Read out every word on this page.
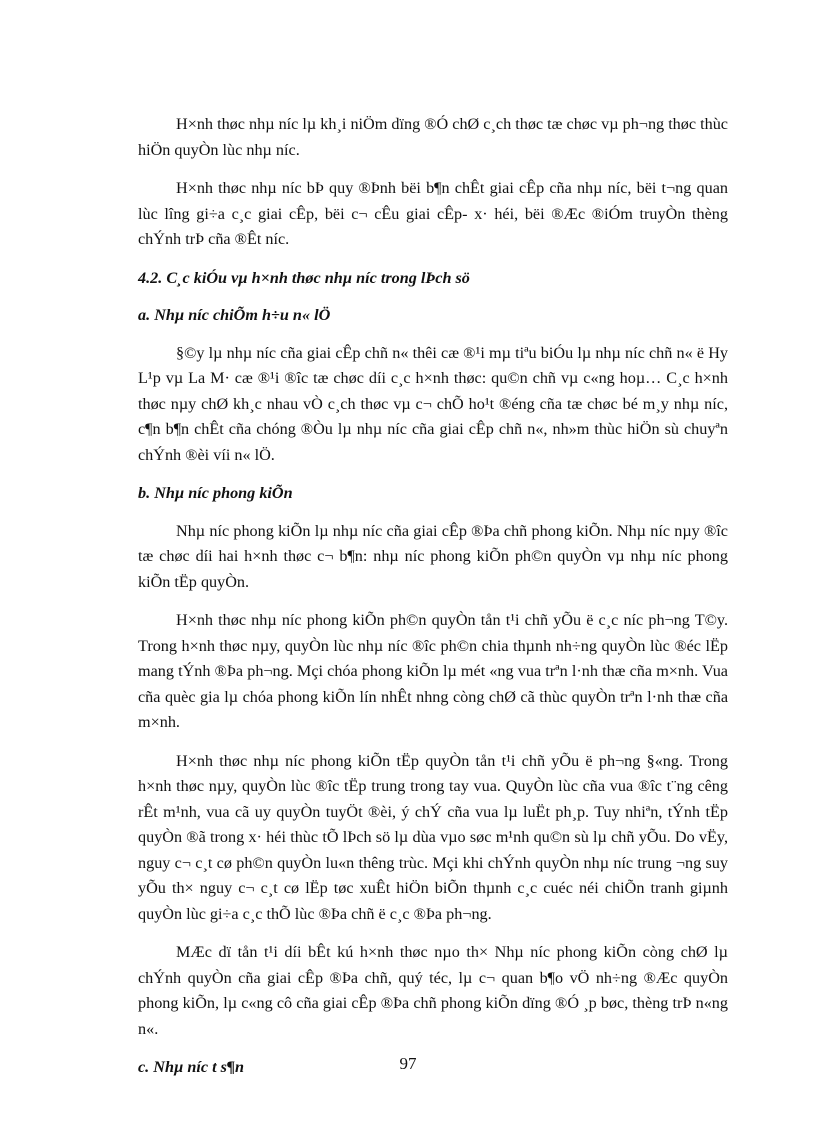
H×nh thøc nhµ níc lµ kh¸i niÖm dïng ®Ó chØ c¸ch thøc tæ chøc vµ ph¬ng thøc thùc hiÖn quyÒn lùc nhµ níc.

H×nh thøc nhµ níc bÞ quy ®Þnh bëi b¶n chÊt giai cÊp cña nhµ níc, bëi t¬ng quan lùc lîng gi÷a c¸c giai cÊp, bëi c¬ cÊu giai cÊp- x· héi, bëi ®Æc ®iÓm truyÒn thèng chÝnh trÞ cña ®Êt níc.

4.2. C¸c kiÓu vµ h×nh thøc nhµ níc trong lÞch sö

a. Nhµ níc chiÕm h÷u n« lÖ

§©y lµ nhµ níc cña giai cÊp chñ n« thêi cæ ®¹i mµ tiªu biÓu lµ nhµ níc chñ n« ë Hy L¹p vµ La M· cæ ®¹i ®îc tæ chøc díi c¸c h×nh thøc: qu©n chñ vµ c«ng hoµ… C¸c h×nh thøc nµy chØ kh¸c nhau vÒ c¸ch thøc vµ c¬ chÕ ho¹t ®éng cña tæ chøc bé m¸y nhµ níc, c¶n b¶n chÊt cña chóng ®Òu lµ nhµ níc cña giai cÊp chñ n«, nh»m thùc hiÖn sù chuyªn chÝnh ®èi víi n« lÖ.

b. Nhµ níc phong kiÕn

Nhµ níc phong kiÕn lµ nhµ níc cña giai cÊp ®Þa chñ phong kiÕn. Nhµ níc nµy ®îc tæ chøc díi hai h×nh thøc c¬ b¶n: nhµ níc phong kiÕn ph©n quyÒn vµ nhµ níc phong kiÕn tËp quyÒn.

H×nh thøc nhµ níc phong kiÕn ph©n quyÒn tån t¹i chñ yÕu ë c¸c níc ph¬ng T©y. Trong h×nh thøc nµy, quyÒn lùc nhµ níc ®îc ph©n chia thµnh nh÷ng quyÒn lùc ®éc lËp mang tÝnh ®Þa ph¬ng. Mçi chóa phong kiÕn lµ mét «ng vua trªn l·nh thæ cña m×nh. Vua cña quèc gia lµ chóa phong kiÕn lín nhÊt nhng còng chØ cã thùc quyÒn trªn l·nh thæ cña m×nh.

H×nh thøc nhµ níc phong kiÕn tËp quyÒn tån t¹i chñ yÕu ë ph¬ng §«ng. Trong h×nh thøc nµy, quyÒn lùc ®îc tËp trung trong tay vua. QuyÒn lùc cña vua ®îc t¨ng cêng rÊt m¹nh, vua cã uy quyÒn tuyÖt ®èi, ý chÝ cña vua lµ luËt ph¸p. Tuy nhiªn, tÝnh tËp quyÒn ®ã trong x· héi thùc tÕ lÞch sö lµ dùa vµo søc m¹nh qu©n sù lµ chñ yÕu. Do vËy, nguy c¬ c¸t cø ph©n quyÒn lu«n thêng trùc. Mçi khi chÝnh quyÒn nhµ níc trung ¬ng suy yÕu th× nguy c¬ c¸t cø lËp tøc xuÊt hiÖn biÕn thµnh c¸c cuéc néi chiÕn tranh giµnh quyÒn lùc gi÷a c¸c thÕ lùc ®Þa chñ ë c¸c ®Þa ph¬ng.

MÆc dï tån t¹i díi bÊt kú h×nh thøc nµo th× Nhµ níc phong kiÕn còng chØ lµ chÝnh quyÒn cña giai cÊp ®Þa chñ, quý téc, lµ c¬ quan b¶o vÖ nh÷ng ®Æc quyÒn phong kiÕn, lµ c«ng cô cña giai cÊp ®Þa chñ phong kiÕn dïng ®Ó ¸p bøc, thèng trÞ n«ng n«.

c. Nhµ níc t s¶n	97
